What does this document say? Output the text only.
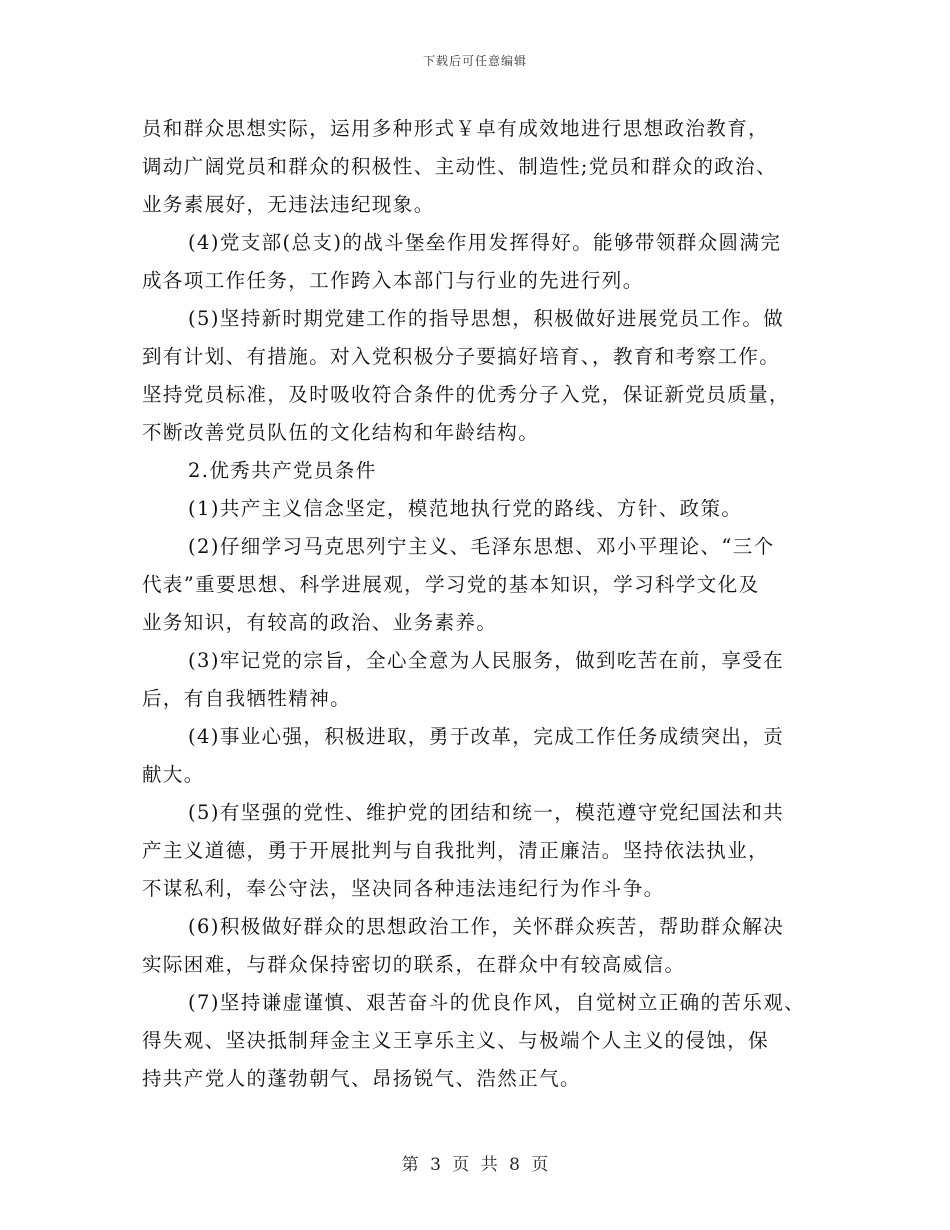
下载后可任意编辑
员和群众思想实际，运用多种形式￥卓有成效地进行思想政治教育，
调动广阔党员和群众的积极性、主动性、制造性;党员和群众的政治、
业务素展好，无违法违纪现象。
(4)党支部(总支)的战斗堡垒作用发挥得好。能够带领群众圆满完
成各项工作任务，工作跨入本部门与行业的先进行列。
(5)坚持新时期党建工作的指导思想，积极做好进展党员工作。做
到有计划、有措施。对入党积极分子要搞好培育、，教育和考察工作。
坚持党员标准，及时吸收符合条件的优秀分子入党，保证新党员质量，
不断改善党员队伍的文化结构和年龄结构。
2.优秀共产党员条件
(1)共产主义信念坚定，模范地执行党的路线、方针、政策。
(2)仔细学习马克思列宁主义、毛泽东思想、邓小平理论、“三个
代表”重要思想、科学进展观，学习党的基本知识，学习科学文化及
业务知识，有较高的政治、业务素养。
(3)牢记党的宗旨，全心全意为人民服务，做到吃苦在前，享受在
后，有自我牺牲精神。
(4)事业心强，积极进取，勇于改革，完成工作任务成绩突出，贡
献大。
(5)有坚强的党性、维护党的团结和统一，模范遵守党纪国法和共
产主义道德，勇于开展批判与自我批判，清正廉洁。坚持依法执业，
不谋私利，奉公守法，坚决同各种违法违纪行为作斗争。
(6)积极做好群众的思想政治工作，关怀群众疾苦，帮助群众解决
实际困难，与群众保持密切的联系，在群众中有较高威信。
(7)坚持谦虚谨慎、艰苦奋斗的优良作风，自觉树立正确的苦乐观、
得失观、坚决抵制拜金主义王享乐主义、与极端个人主义的侵蚀，保
持共产党人的蓬勃朝气、昂扬锐气、浩然正气。
第 3 页 共 8 页
